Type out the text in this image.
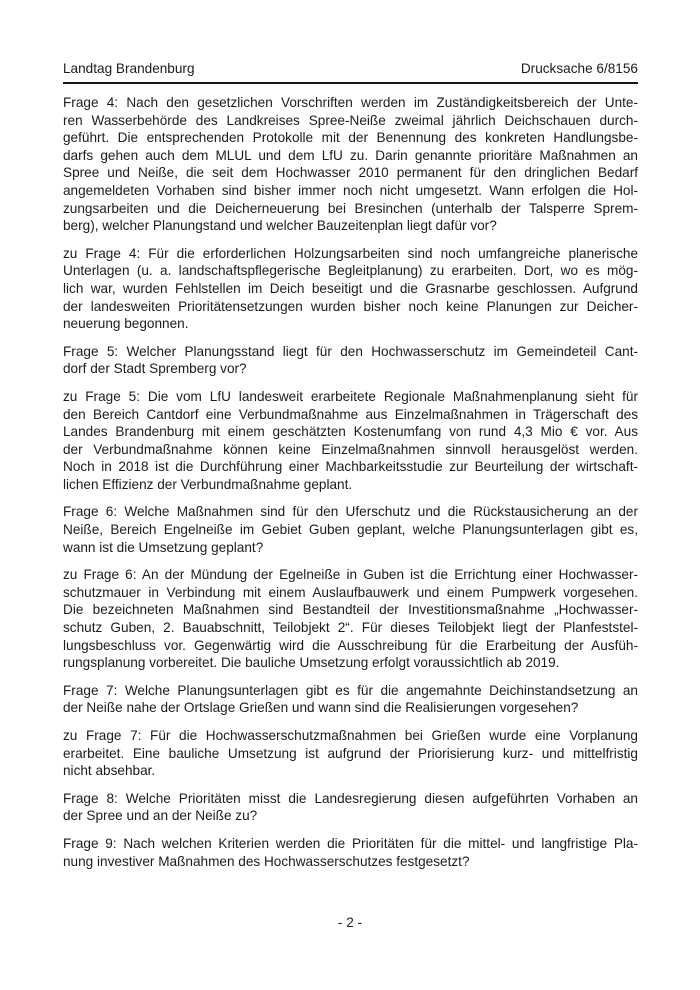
Landtag Brandenburg	Drucksache 6/8156
Frage 4: Nach den gesetzlichen Vorschriften werden im Zuständigkeitsbereich der Unte-
ren Wasserbehörde des Landkreises Spree-Neiße zweimal jährlich Deichschauen durch-
geführt. Die entsprechenden Protokolle mit der Benennung des konkreten Handlungsbe-
darfs gehen auch dem MLUL und dem LfU zu. Darin genannte prioritäre Maßnahmen an
Spree und Neiße, die seit dem Hochwasser 2010 permanent für den dringlichen Bedarf
angemeldeten Vorhaben sind bisher immer noch nicht umgesetzt. Wann erfolgen die Hol-
zungsarbeiten und die Deicherneuerung bei Bresinchen (unterhalb der Talsperre Sprem-
berg), welcher Planungstand und welcher Bauzeitenplan liegt dafür vor?
zu Frage 4: Für die erforderlichen Holzungsarbeiten sind noch umfangreiche planerische
Unterlagen (u. a. landschaftspflegerische Begleitplanung) zu erarbeiten. Dort, wo es mög-
lich war, wurden Fehlstellen im Deich beseitigt und die Grasnarbe geschlossen. Aufgrund
der landesweiten Prioritätensetzungen wurden bisher noch keine Planungen zur Deicher-
neuerung begonnen.
Frage 5: Welcher Planungsstand liegt für den Hochwasserschutz im Gemeindeteil Cant-
dorf der Stadt Spremberg vor?
zu Frage 5: Die vom LfU landesweit erarbeitete Regionale Maßnahmenplanung sieht für
den Bereich Cantdorf eine Verbundmaßnahme aus Einzelmaßnahmen in Trägerschaft des
Landes Brandenburg mit einem geschätzten Kostenumfang von rund 4,3 Mio € vor. Aus
der Verbundmaßnahme können keine Einzelmaßnahmen sinnvoll herausgelöst werden.
Noch in 2018 ist die Durchführung einer Machbarkeitsstudie zur Beurteilung der wirtschaft-
lichen Effizienz der Verbundmaßnahme geplant.
Frage 6: Welche Maßnahmen sind für den Uferschutz und die Rückstausicherung an der
Neiße, Bereich Engelneiße im Gebiet Guben geplant, welche Planungsunterlagen gibt es,
wann ist die Umsetzung geplant?
zu Frage 6: An der Mündung der Egelneiße in Guben ist die Errichtung einer Hochwasser-
schutzmauer in Verbindung mit einem Auslaufbauwerk und einem Pumpwerk vorgesehen.
Die bezeichneten Maßnahmen sind Bestandteil der Investitionsmaßnahme „Hochwasser-
schutz Guben, 2. Bauabschnitt, Teilobjekt 2“. Für dieses Teilobjekt liegt der Planfeststel-
lungsbeschluss vor. Gegenwärtig wird die Ausschreibung für die Erarbeitung der Ausfüh-
rungsplanung vorbereitet. Die bauliche Umsetzung erfolgt voraussichtlich ab 2019.
Frage 7: Welche Planungsunterlagen gibt es für die angemahnte Deichinstandsetzung an
der Neiße nahe der Ortslage Grießen und wann sind die Realisierungen vorgesehen?
zu Frage 7: Für die Hochwasserschutzmaßnahmen bei Grießen wurde eine Vorplanung
erarbeitet. Eine bauliche Umsetzung ist aufgrund der Priorisierung kurz- und mittelfristig
nicht absehbar.
Frage 8: Welche Prioritäten misst die Landesregierung diesen aufgeführten Vorhaben an
der Spree und an der Neiße zu?
Frage 9: Nach welchen Kriterien werden die Prioritäten für die mittel- und langfristige Pla-
nung investiver Maßnahmen des Hochwasserschutzes festgesetzt?
- 2 -
